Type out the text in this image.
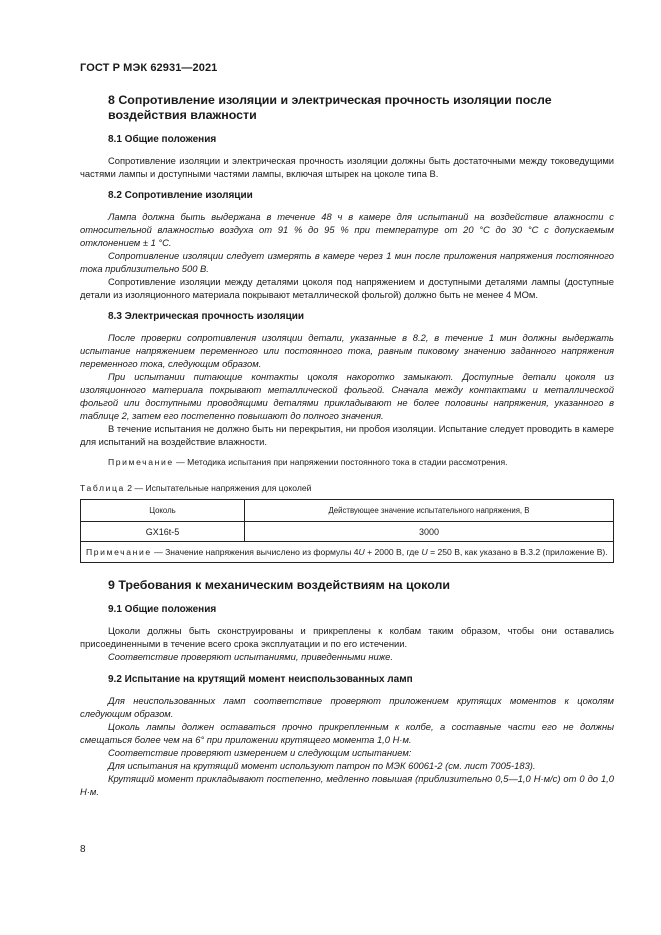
ГОСТ Р МЭК 62931—2021
8 Сопротивление изоляции и электрическая прочность изоляции после воздействия влажности
8.1 Общие положения

Сопротивление изоляции и электрическая прочность изоляции должны быть достаточными между токоведущими частями лампы и доступными частями лампы, включая штырек на цоколе типа B.

8.2 Сопротивление изоляции

Лампа должна быть выдержана в течение 48 ч в камере для испытаний на воздействие влажности с относительной влажностью воздуха от 91 % до 95 % при температуре от 20 °C до 30 °C с допускаемым отклонением ± 1 °C.

Сопротивление изоляции следует измерять в камере через 1 мин после приложения напряжения постоянного тока приблизительно 500 В.

Сопротивление изоляции между деталями цоколя под напряжением и доступными деталями лампы (доступные детали из изоляционного материала покрывают металлической фольгой) должно быть не менее 4 МОм.

8.3 Электрическая прочность изоляции

После проверки сопротивления изоляции детали, указанные в 8.2, в течение 1 мин должны выдержать испытание напряжением переменного или постоянного тока, равным пиковому значению заданного напряжения переменного тока, следующим образом.

При испытании питающие контакты цоколя накоротко замыкают. Доступные детали цоколя из изоляционного материала покрывают металлической фольгой. Сначала между контактами и металлической фольгой или доступными проводящими деталями прикладывают не более половины напряжения, указанного в таблице 2, затем его постепенно повышают до полного значения.

В течение испытания не должно быть ни перекрытия, ни пробоя изоляции. Испытание следует проводить в камере для испытаний на воздействие влажности.

Примечание — Методика испытания при напряжении постоянного тока в стадии рассмотрения.
Таблица 2 — Испытательные напряжения для цоколей
Цоколь	Действующее значение испытательного напряжения, В
GX16t-5	3000
Примечание — Значение напряжения вычислено из формулы 4U + 2000 В, где U = 250 В, как указано в В.3.2 (приложение В).	
9 Требования к механическим воздействиям на цоколи
9.1 Общие положения

Цоколи должны быть сконструированы и прикреплены к колбам таким образом, чтобы они оставались присоединенными в течение всего срока эксплуатации и по его истечении.

Соответствие проверяют испытаниями, приведенными ниже.

9.2 Испытание на крутящий момент неиспользованных ламп

Для неиспользованных ламп соответствие проверяют приложением крутящих моментов к цоколям следующим образом.

Цоколь лампы должен оставаться прочно прикрепленным к колбе, а составные части его не должны смещаться более чем на 6° при приложении крутящего момента 1,0 Н·м.

Соответствие проверяют измерением и следующим испытанием:

Для испытания на крутящий момент используют патрон по МЭК 60061-2 (см. лист 7005-183).

Крутящий момент прикладывают постепенно, медленно повышая (приблизительно 0,5—1,0 Н·м/с) от 0 до 1,0 Н·м.

8
